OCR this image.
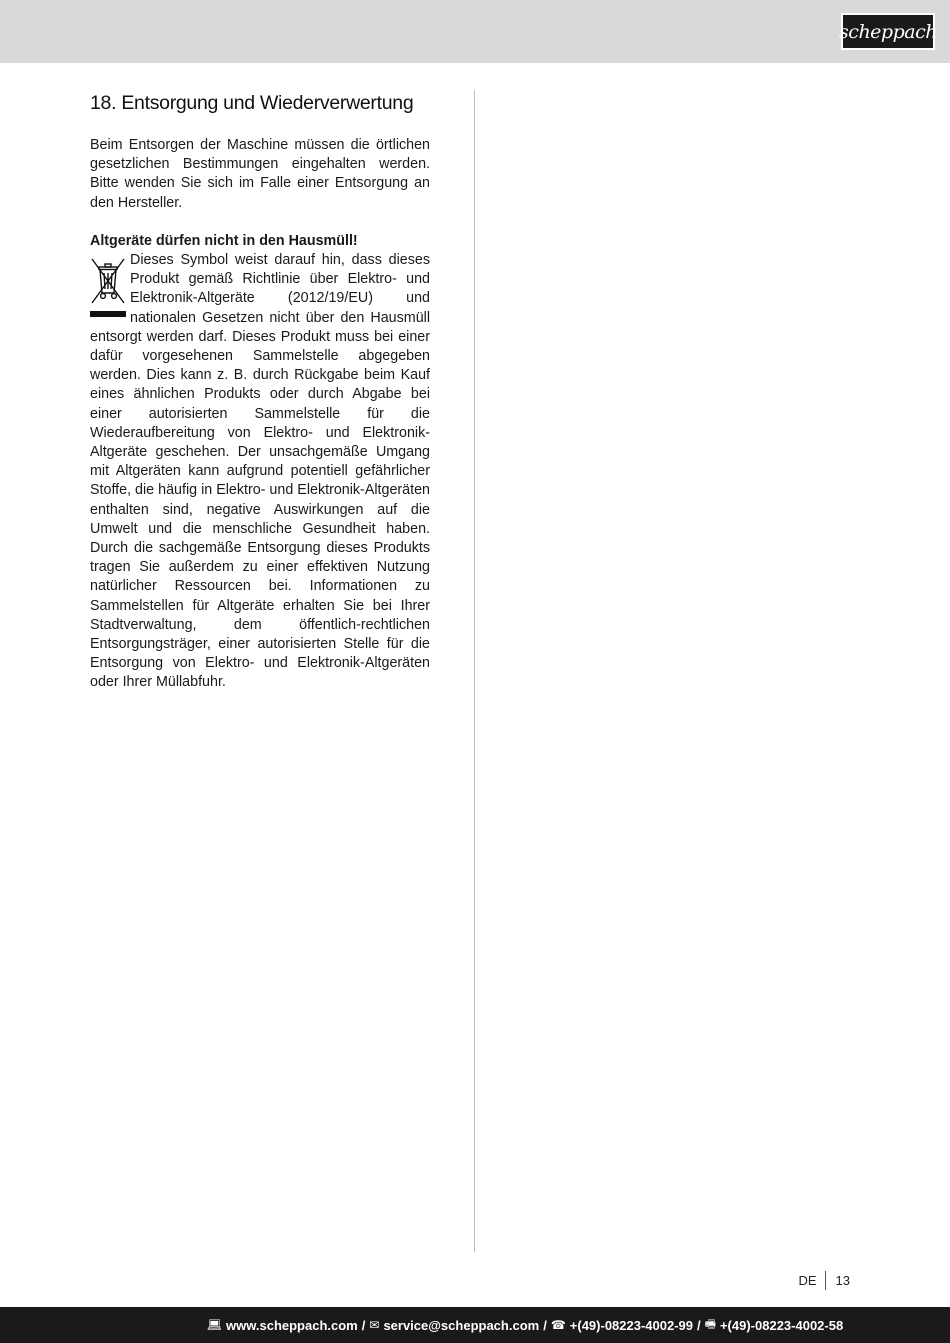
scheppach
18. Entsorgung und Wiederverwertung

Beim Entsorgen der Maschine müssen die örtlichen gesetzlichen Bestimmungen eingehalten werden. Bitte wenden Sie sich im Falle einer Entsorgung an den Hersteller.

Altgeräte dürfen nicht in den Hausmüll!

Dieses Symbol weist darauf hin, dass dieses Produkt gemäß Richtlinie über Elektro- und Elektronik-Altgeräte (2012/19/EU) und nationalen Gesetzen nicht über den Hausmüll entsorgt werden darf. Dieses Produkt muss bei einer dafür vorgesehenen Sammelstelle abgegeben werden. Dies kann z. B. durch Rückgabe beim Kauf eines ähnlichen Produkts oder durch Abgabe bei einer autorisierten Sammelstelle für die Wiederaufbereitung von Elektro- und Elektronik- Altgeräte geschehen. Der unsachgemäße Umgang mit Altgeräten kann aufgrund potentiell gefährlicher Stoffe, die häufig in Elektro- und Elektronik-Altgeräten enthalten sind, negative Auswirkungen auf die Umwelt und die menschliche Gesundheit haben. Durch die sachgemäße Entsorgung dieses Produkts tragen Sie außerdem zu einer effektiven Nutzung natürlicher Ressourcen bei. Informationen zu Sammelstellen für Altgeräte erhalten Sie bei Ihrer Stadtverwaltung, dem öffentlich-rechtlichen Entsorgungsträger, einer autorisierten Stelle für die Entsorgung von Elektro- und Elektronik-Altgeräten oder Ihrer Müllabfuhr.

DE 13
💻︎ www.scheppach.com / ✉︎ service@scheppach.com / ☎︎ +(49)-08223-4002-99 / 🖷︎ +(49)-08223-4002-58
